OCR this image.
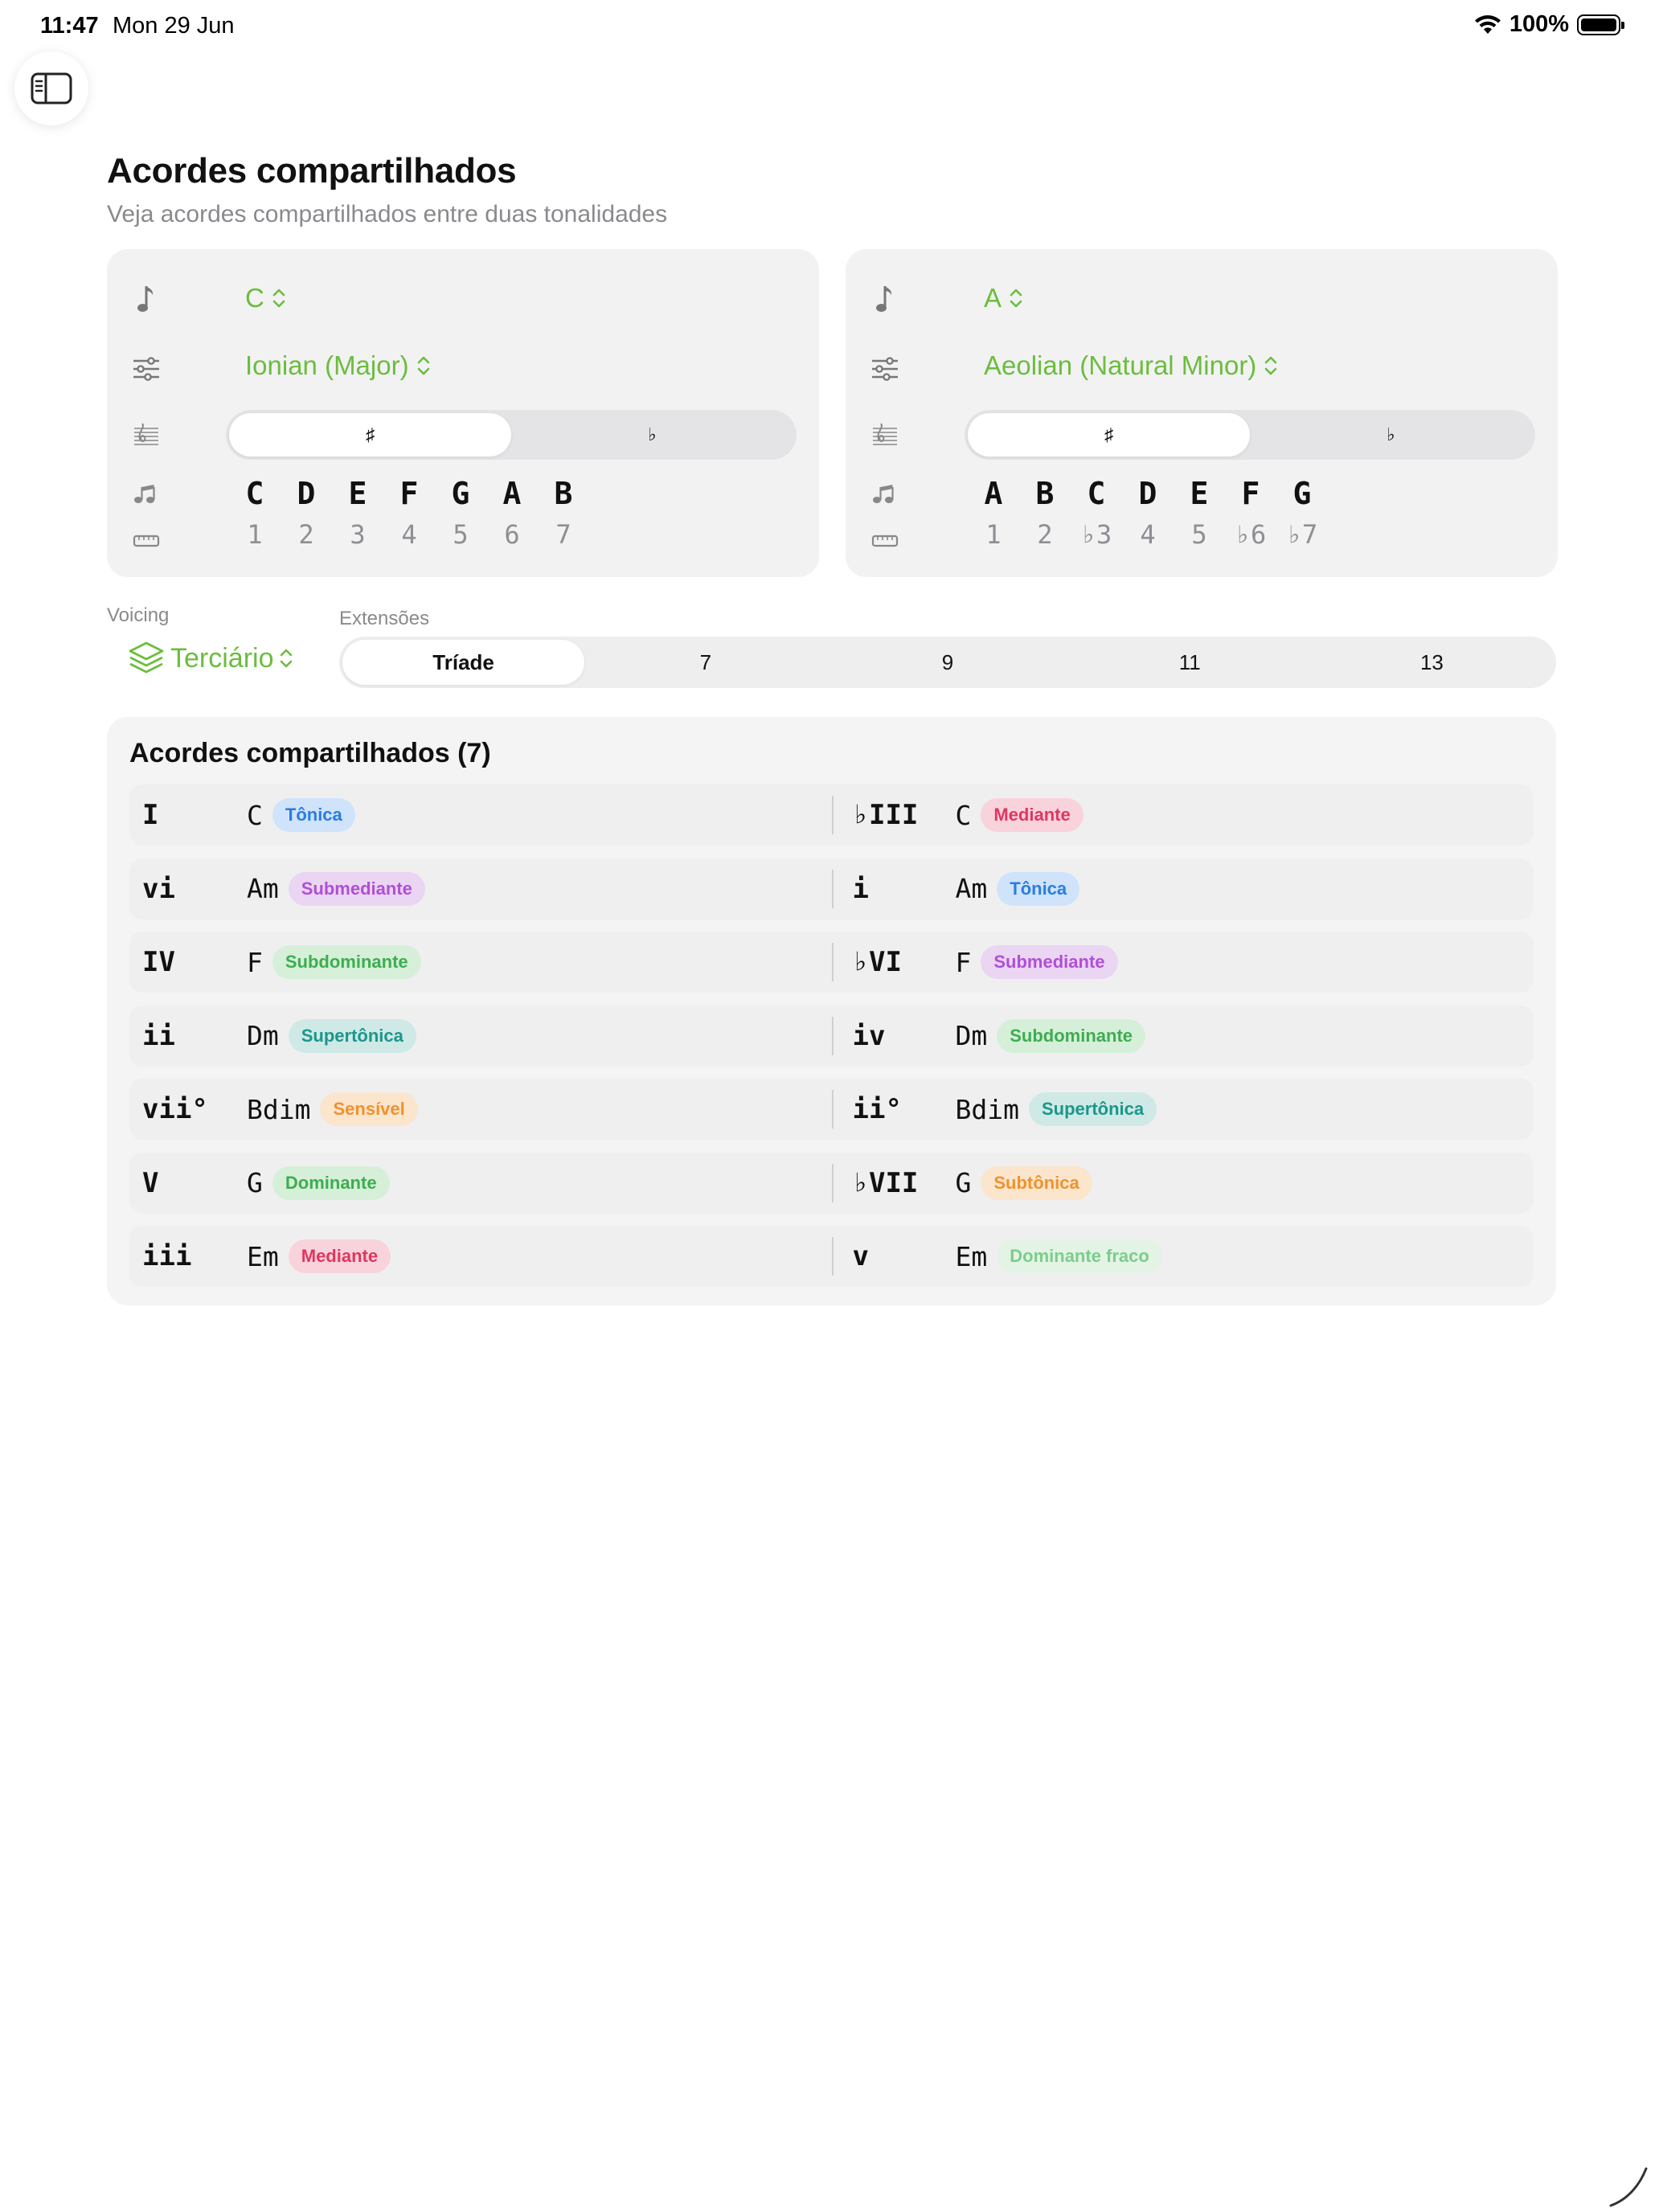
11:47 Mon 29 Jun	100%
Acordes compartilhados

Veja acordes compartilhados entre duas tonalidades

C
Ionian (Major)
♯	♭
C	D	E	F	G	A	B
1	2	3	4	5	6	7
A
Aeolian (Natural Minor)
♯	♭
A	B	C	D	E	F	G
1	2	♭3	4	5	♭6 ♭7
Voicing
Terciário
Extensões
Tríade	7	9	11	13
Acordes compartilhados (7)
I	C	Tônica	♭III C	Mediante
vi	Am	Submediante	i	Am	Tônica
IV	F	Subdominante	♭VI F	Submediante
ii	Dm	Supertônica	iv	Dm	Subdominante
vii° Bdim	Sensível	ii° Bdim	Supertônica
V	G	Dominante	♭VII G	Subtônica
iii Em	Mediante	v	Em	Dominante fraco
